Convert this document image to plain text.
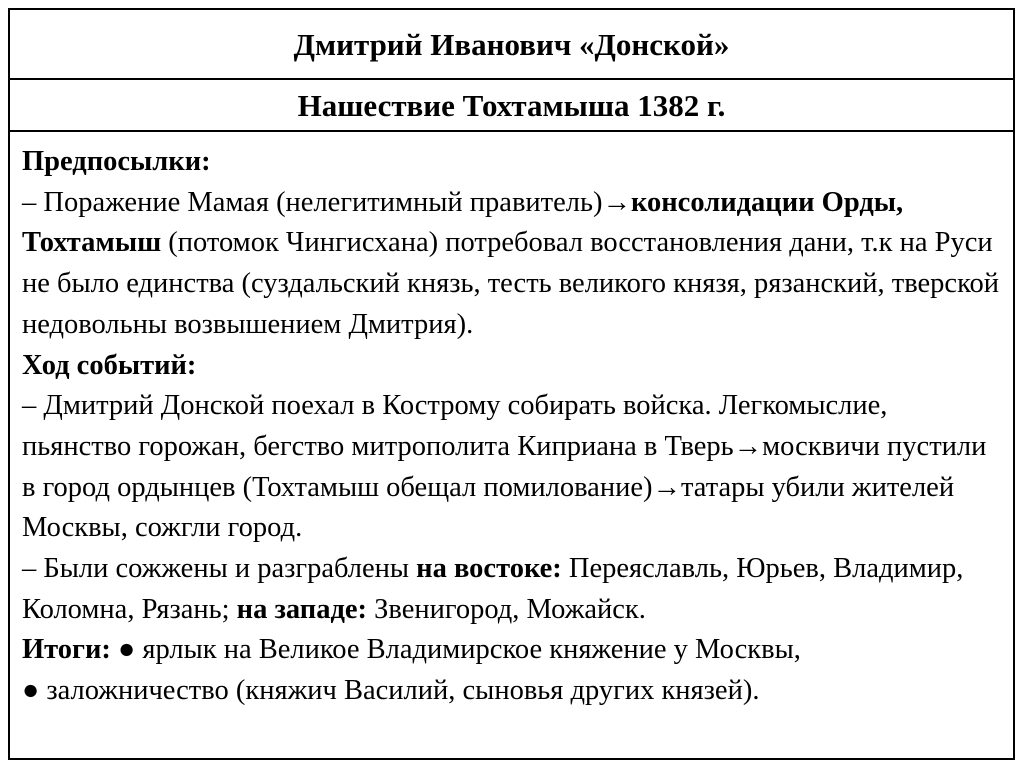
Дмитрий Иванович «Донской»
Нашествие Тохтамыша 1382 г.

Предпосылки:

– Поражение Мамая (нелегитимный правитель)→консолидации Орды, Тохтамыш (потомок Чингисхана) потребовал восстановления дани, т.к на Руси не было единства (суздальский князь, тесть великого князя, рязанский, тверской недовольны возвышением Дмитрия).

Ход событий:

– Дмитрий Донской поехал в Кострому собирать войска. Легкомыслие, пьянство горожан, бегство митрополита Киприана в Тверь→москвичи пустили в город ордынцев (Тохтамыш обещал помилование)→татары убили жителей Москвы, сожгли город.

– Были сожжены и разграблены на востоке: Переяславль, Юрьев, Владимир, Коломна, Рязань; на западе: Звенигород, Можайск.

Итоги: ● ярлык на Великое Владимирское княжение у Москвы,

● заложничество (княжич Василий, сыновья других князей).
